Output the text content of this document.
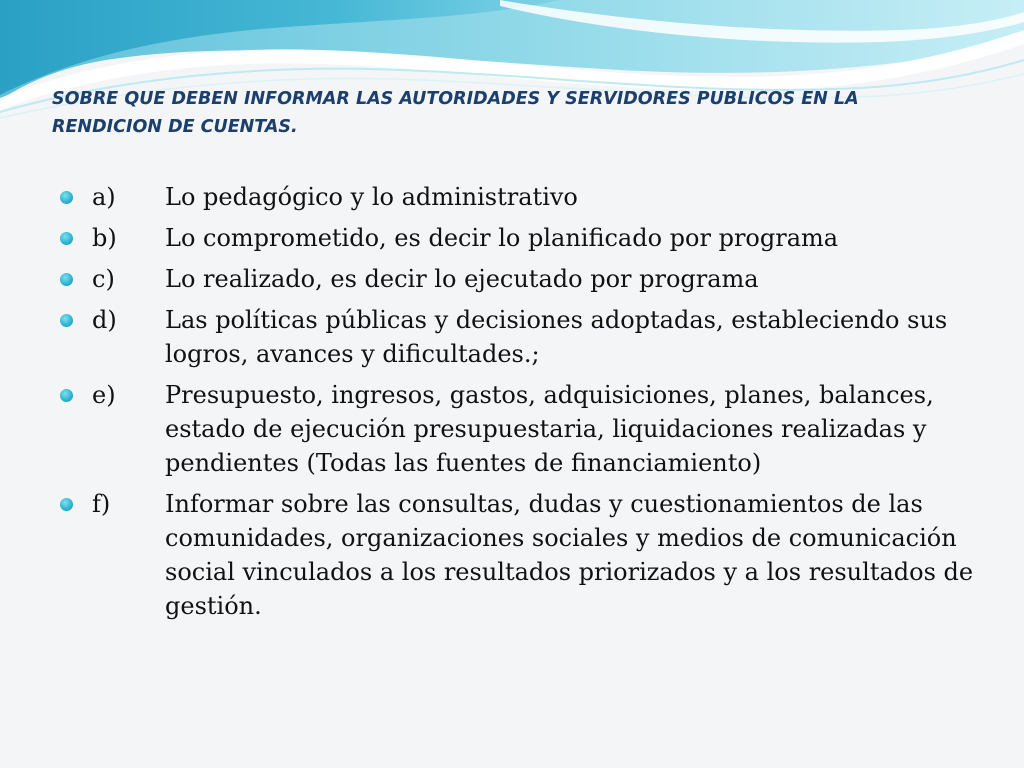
SOBRE QUE DEBEN INFORMAR LAS AUTORIDADES Y SERVIDORES PUBLICOS EN LA RENDICION DE CUENTAS.
a)	Lo pedagógico y lo administrativo
b)	Lo comprometido, es decir lo planificado por programa
c)	Lo realizado, es decir lo ejecutado por programa
d)	Las políticas públicas y decisiones adoptadas, estableciendo sus logros, avances y dificultades.;
e)	Presupuesto, ingresos, gastos, adquisiciones, planes, balances, estado de ejecución presupuestaria, liquidaciones realizadas y pendientes (Todas las fuentes de financiamiento)
f)	Informar sobre las consultas, dudas y cuestionamientos de las comunidades, organizaciones sociales y medios de comunicación social vinculados a los resultados priorizados y a los resultados de gestión.
